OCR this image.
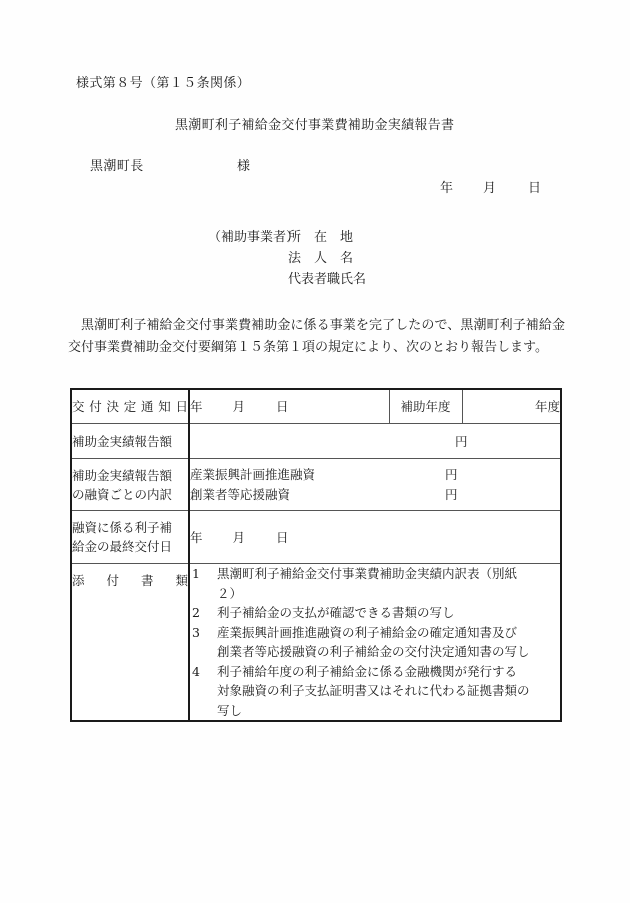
様式第８号（第１５条関係）
黒潮町利子補給金交付事業費補助金実績報告書
黒潮町長	様
年 月 日
（補助事業者）所　在　地
法　人　名
代表者職氏名
黒潮町利子補給金交付事業費補助金に係る事業を完了したので、黒潮町利子補給金交付事業費補助金交付要綱第１５条第１項の規定により、次のとおり報告します。
交付決定通知日	年 月 日	補助年度	年度

補助金実績報告額	円		

補助金実績報告額
の融資ごとの内訳	産業振興計画推進融資 円
創業者等応援融資 円		

融資に係る利子補
給金の最終交付日	年 月 日		

添付書類	1 黒潮町利子補給金交付事業費補助金実績内訳表（別紙
２）
2 利子補給金の支払が確認できる書類の写し
3 産業振興計画推進融資の利子補給金の確定通知書及び
創業者等応援融資の利子補給金の交付決定通知書の写し
4 利子補給年度の利子補給金に係る金融機関が発行する
対象融資の利子支払証明書又はそれに代わる証拠書類の
写し
